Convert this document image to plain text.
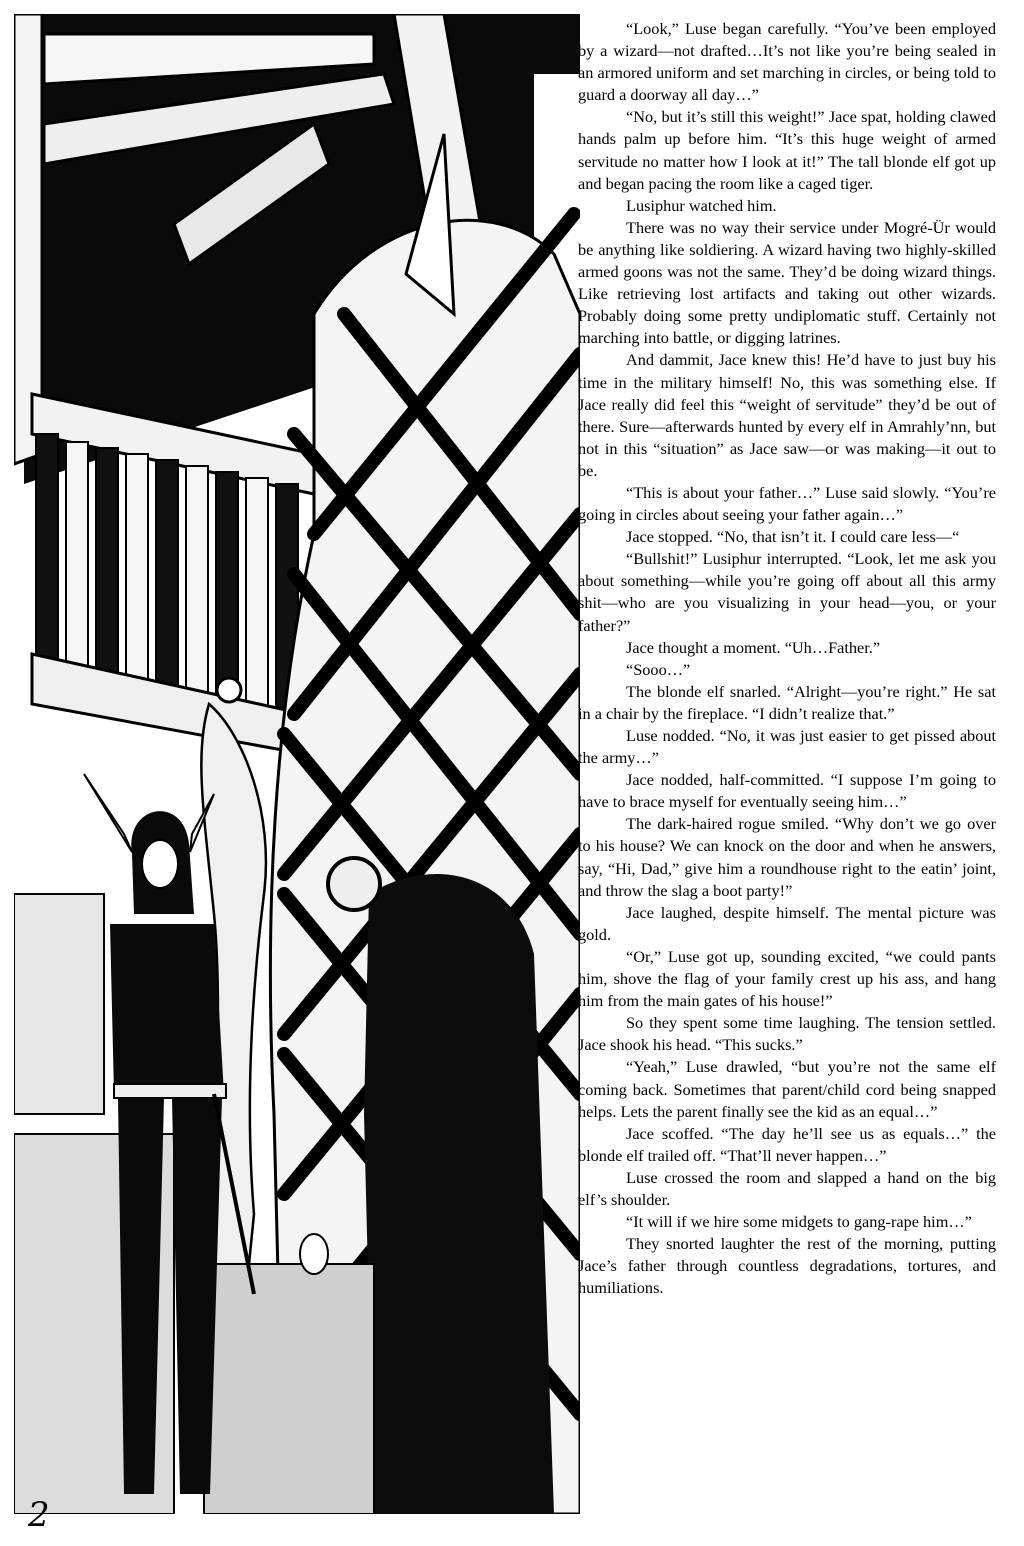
2

“Look,” Luse began carefully. “You’ve been employed by a wizard—not drafted…It’s not like you’re being sealed in an armored uniform and set marching in circles, or being told to guard a doorway all day…”

“No, but it’s still this weight!” Jace spat, holding clawed hands palm up before him. “It’s this huge weight of armed servitude no matter how I look at it!” The tall blonde elf got up and began pacing the room like a caged tiger.

Lusiphur watched him.

There was no way their service under Mogré-Ür would be anything like soldiering. A wizard having two highly-skilled armed goons was not the same. They’d be doing wizard things. Like retrieving lost artifacts and taking out other wizards. Probably doing some pretty undiplomatic stuff. Certainly not marching into battle, or digging latrines.

And dammit, Jace knew this! He’d have to just buy his time in the military himself! No, this was something else. If Jace really did feel this “weight of servitude” they’d be out of there. Sure—afterwards hunted by every elf in Amrahly’nn, but not in this “situation” as Jace saw—or was making—it out to be.

“This is about your father…” Luse said slowly. “You’re going in circles about seeing your father again…”

Jace stopped. “No, that isn’t it. I could care less—“

“Bullshit!” Lusiphur interrupted. “Look, let me ask you about something—while you’re going off about all this army shit—who are you visualizing in your head—you, or your father?”

Jace thought a moment. “Uh…Father.”

“Sooo…”

The blonde elf snarled. “Alright—you’re right.” He sat in a chair by the fireplace. “I didn’t realize that.”

Luse nodded. “No, it was just easier to get pissed about the army…”

Jace nodded, half-committed. “I suppose I’m going to have to brace myself for eventually seeing him…”

The dark-haired rogue smiled. “Why don’t we go over to his house? We can knock on the door and when he answers, say, “Hi, Dad,” give him a roundhouse right to the eatin’ joint, and throw the slag a boot party!”

Jace laughed, despite himself. The mental picture was gold.

“Or,” Luse got up, sounding excited, “we could pants him, shove the flag of your family crest up his ass, and hang him from the main gates of his house!”

So they spent some time laughing. The tension settled. Jace shook his head. “This sucks.”

“Yeah,” Luse drawled, “but you’re not the same elf coming back. Sometimes that parent/child cord being snapped helps. Lets the parent finally see the kid as an equal…”

Jace scoffed. “The day he’ll see us as equals…” the blonde elf trailed off. “That’ll never happen…”

Luse crossed the room and slapped a hand on the big elf’s shoulder.

“It will if we hire some midgets to gang-rape him…”

They snorted laughter the rest of the morning, putting Jace’s father through countless degradations, tortures, and humiliations.
